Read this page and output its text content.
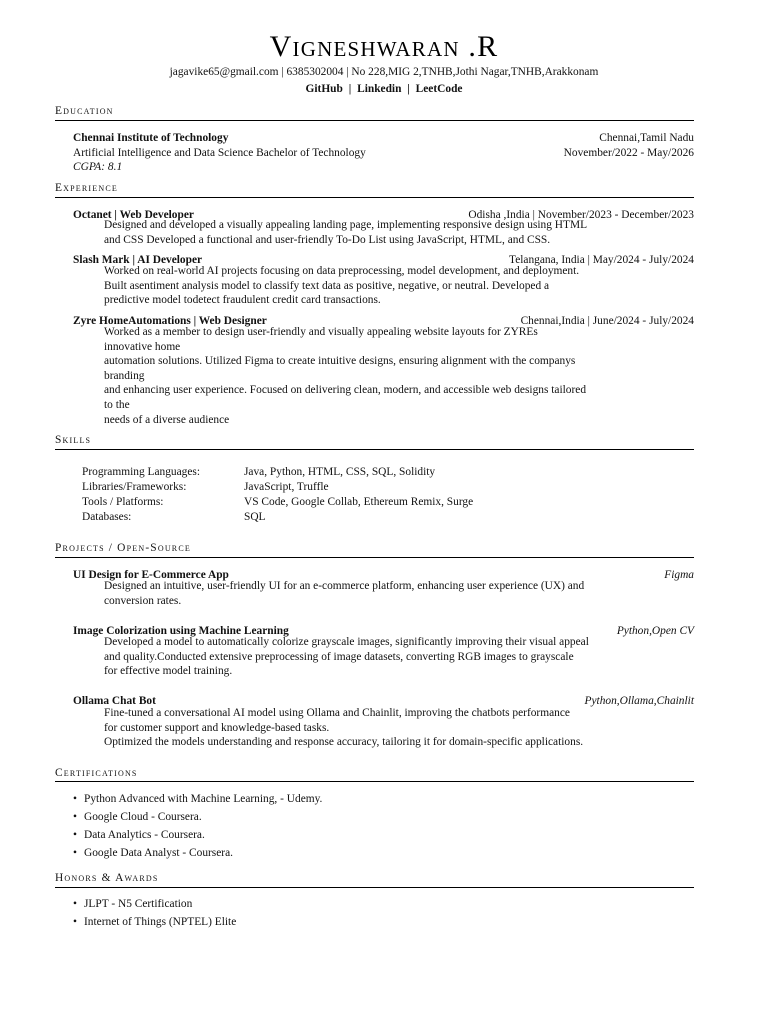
Vigneshwaran .R
jagavike65@gmail.com | 6385302004 | No 228,MIG 2,TNHB,Jothi Nagar,TNHB,Arakkonam
GitHub | Linkedin | LeetCode
Education
Chennai Institute of Technology	Chennai,Tamil Nadu
Artificial Intelligence and Data Science Bachelor of Technology	November/2022 - May/2026
CGPA: 8.1
Experience
Octanet | Web Developer	Odisha ,India | November/2023 - December/2023
Designed and developed a visually appealing landing page, implementing responsive design using HTML
and CSS Developed a functional and user-friendly To-Do List using JavaScript, HTML, and CSS.
Slash Mark | AI Developer	Telangana, India | May/2024 - July/2024
Worked on real-world AI projects focusing on data preprocessing, model development, and deployment.
Built asentiment analysis model to classify text data as positive, negative, or neutral. Developed a
predictive model todetect fraudulent credit card transactions.
Zyre HomeAutomations | Web Designer	Chennai,India | June/2024 - July/2024
Worked as a member to design user-friendly and visually appealing website layouts for ZYREs
innovative home
automation solutions. Utilized Figma to create intuitive designs, ensuring alignment with the companys
branding
and enhancing user experience. Focused on delivering clean, modern, and accessible web designs tailored
to the
needs of a diverse audience
Skills
Programming Languages:	Java, Python, HTML, CSS, SQL, Solidity
Libraries/Frameworks:	JavaScript, Truffle
Tools / Platforms:	VS Code, Google Collab, Ethereum Remix, Surge
Databases:	SQL
Projects / Open-Source
UI Design for E-Commerce App	Figma
Designed an intuitive, user-friendly UI for an e-commerce platform, enhancing user experience (UX) and
conversion rates.
Image Colorization using Machine Learning	Python,Open CV
Developed a model to automatically colorize grayscale images, significantly improving their visual appeal
and quality.Conducted extensive preprocessing of image datasets, converting RGB images to grayscale
for effective model training.
Ollama Chat Bot	Python,Ollama,Chainlit
Fine-tuned a conversational AI model using Ollama and Chainlit, improving the chatbots performance
for customer support and knowledge-based tasks.
Optimized the models understanding and response accuracy, tailoring it for domain-specific applications.
Certifications
• Python Advanced with Machine Learning, - Udemy.
• Google Cloud - Coursera.
• Data Analytics - Coursera.
• Google Data Analyst - Coursera.
Honors & Awards
• JLPT - N5 Certification
• Internet of Things (NPTEL) Elite
